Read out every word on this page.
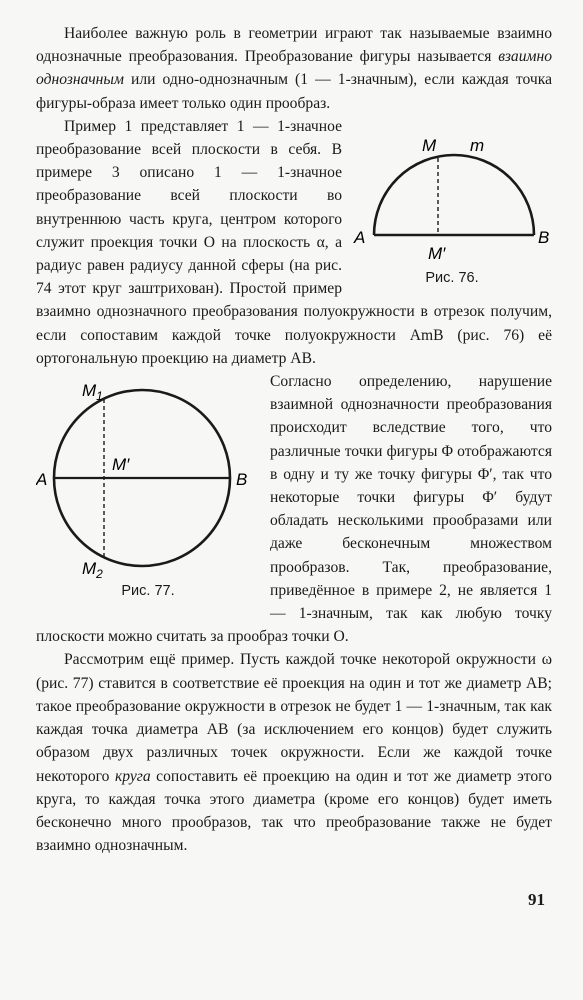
Наиболее важную роль в геометрии играют так называемые взаимно однозначные преобразования. Преобразование фигуры называется взаимно однозначным или одно-однозначным (1 — 1-значным), если каждая точка фигуры-образа имеет только один прообраз.

M m
A	B
M′
Рис. 76.

Пример 1 представляет 1 — 1-значное преобразование всей плоскости в себя. В примере 3 описано 1 — 1-значное преобразование всей плоскости во внутреннюю часть круга, центром которого служит проекция точки O на плоскость α, а радиус равен радиусу данной сферы (на рис. 74 этот круг заштрихован). Простой пример взаимно однозначного преобразования полуокружности в отрезок получим, если сопоставим каждой точке полуокружности AmB (рис. 76) её ортогональную проекцию на диаметр AB.

$M_1$
$M_2$
A	B
M′
Рис. 77.
Согласно определению, нарушение взаимной однозначности преобразования происходит вследствие того, что различные точки фигуры Φ отображаются в одну и ту же точку фигуры Φ′, так что некоторые точки фигуры Φ′ будут обладать несколькими прообразами или даже бесконечным множеством прообразов. Так, преобразование, приведённое в примере 2, не является 1 — 1-значным, так как любую точку плоскости можно считать за прообраз точки O.

Рассмотрим ещё пример. Пусть каждой точке некоторой окружности ω (рис. 77) ставится в соответствие её проекция на один и тот же диаметр AB; такое преобразование окружности в отрезок не будет 1 — 1-значным, так как каждая точка диаметра AB (за исключением его концов) будет служить образом двух различных точек окружности. Если же каждой точке некоторого круга сопоставить её проекцию на один и тот же диаметр этого круга, то каждая точка этого диаметра (кроме его концов) будет иметь бесконечно много прообразов, так что преобразование также не будет взаимно однозначным.

91
